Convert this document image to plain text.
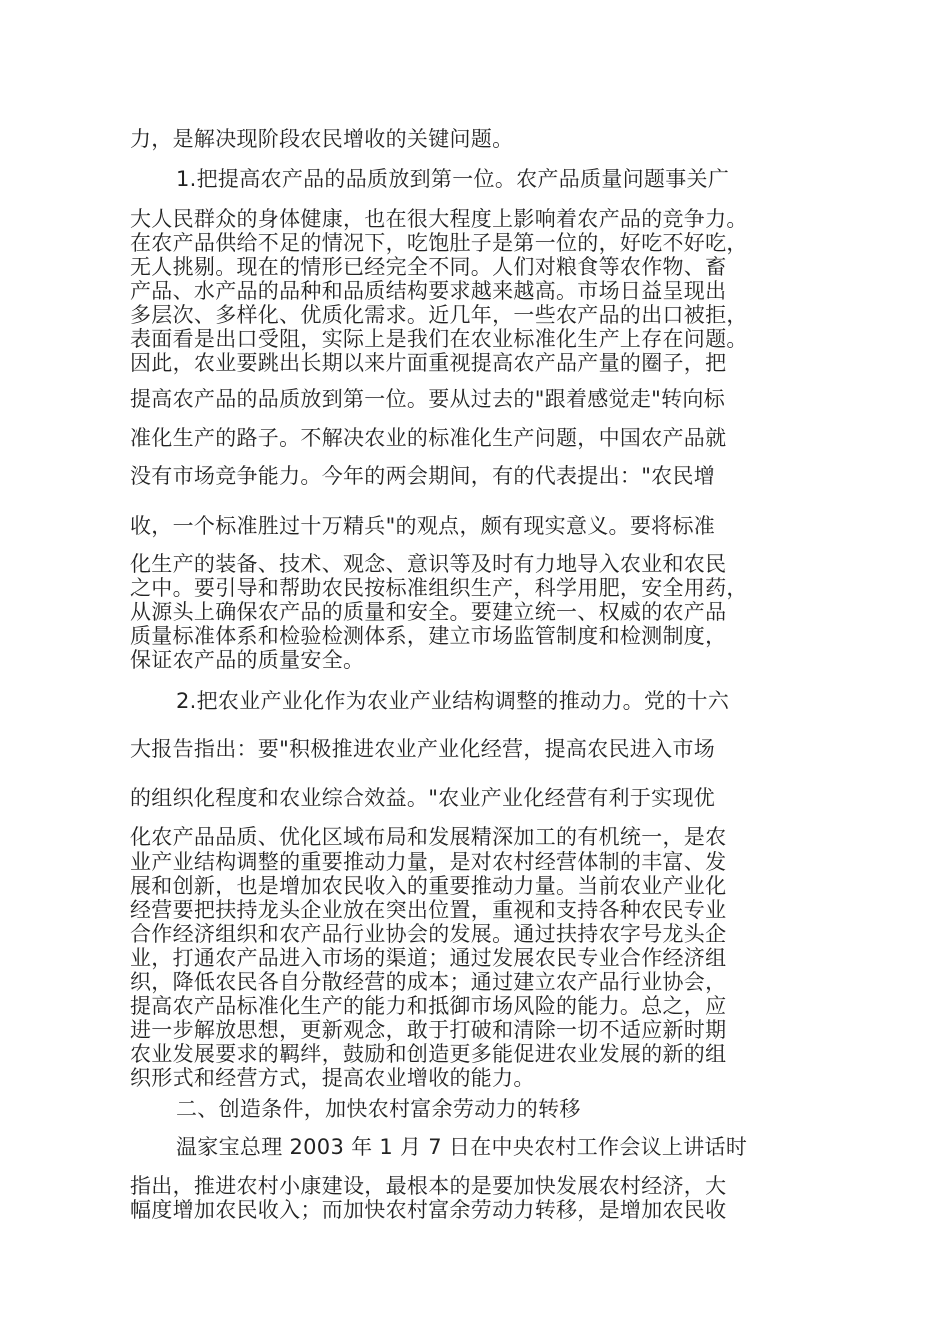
力，是解决现阶段农民增收的关键问题。
1.把提高农产品的品质放到第一位。农产品质量问题事关广
大人民群众的身体健康，也在很大程度上影响着农产品的竞争力。
在农产品供给不足的情况下，吃饱肚子是第一位的，好吃不好吃，
无人挑剔。现在的情形已经完全不同。人们对粮食等农作物、畜
产品、水产品的品种和品质结构要求越来越高。市场日益呈现出
多层次、多样化、优质化需求。近几年，一些农产品的出口被拒，
表面看是出口受阻，实际上是我们在农业标准化生产上存在问题。
因此，农业要跳出长期以来片面重视提高农产品产量的圈子，把
提高农产品的品质放到第一位。要从过去的"跟着感觉走"转向标
准化生产的路子。不解决农业的标准化生产问题，中国农产品就
没有市场竞争能力。今年的两会期间，有的代表提出："农民增
收，一个标准胜过十万精兵"的观点，颇有现实意义。要将标准
化生产的装备、技术、观念、意识等及时有力地导入农业和农民
之中。要引导和帮助农民按标准组织生产，科学用肥，安全用药，
从源头上确保农产品的质量和安全。要建立统一、权威的农产品
质量标准体系和检验检测体系，建立市场监管制度和检测制度，
保证农产品的质量安全。
2.把农业产业化作为农业产业结构调整的推动力。党的十六
大报告指出：要"积极推进农业产业化经营，提高农民进入市场
的组织化程度和农业综合效益。"农业产业化经营有利于实现优
化农产品品质、优化区域布局和发展精深加工的有机统一，是农
业产业结构调整的重要推动力量，是对农村经营体制的丰富、发
展和创新，也是增加农民收入的重要推动力量。当前农业产业化
经营要把扶持龙头企业放在突出位置，重视和支持各种农民专业
合作经济组织和农产品行业协会的发展。通过扶持农字号龙头企
业，打通农产品进入市场的渠道；通过发展农民专业合作经济组
织，降低农民各自分散经营的成本；通过建立农产品行业协会，
提高农产品标准化生产的能力和抵御市场风险的能力。总之，应
进一步解放思想，更新观念，敢于打破和清除一切不适应新时期
农业发展要求的羁绊，鼓励和创造更多能促进农业发展的新的组
织形式和经营方式，提高农业增收的能力。
二、创造条件，加快农村富余劳动力的转移
温家宝总理 2003 年 1 月 7 日在中央农村工作会议上讲话时
指出，推进农村小康建设，最根本的是要加快发展农村经济，大
幅度增加农民收入；而加快农村富余劳动力转移，是增加农民收
